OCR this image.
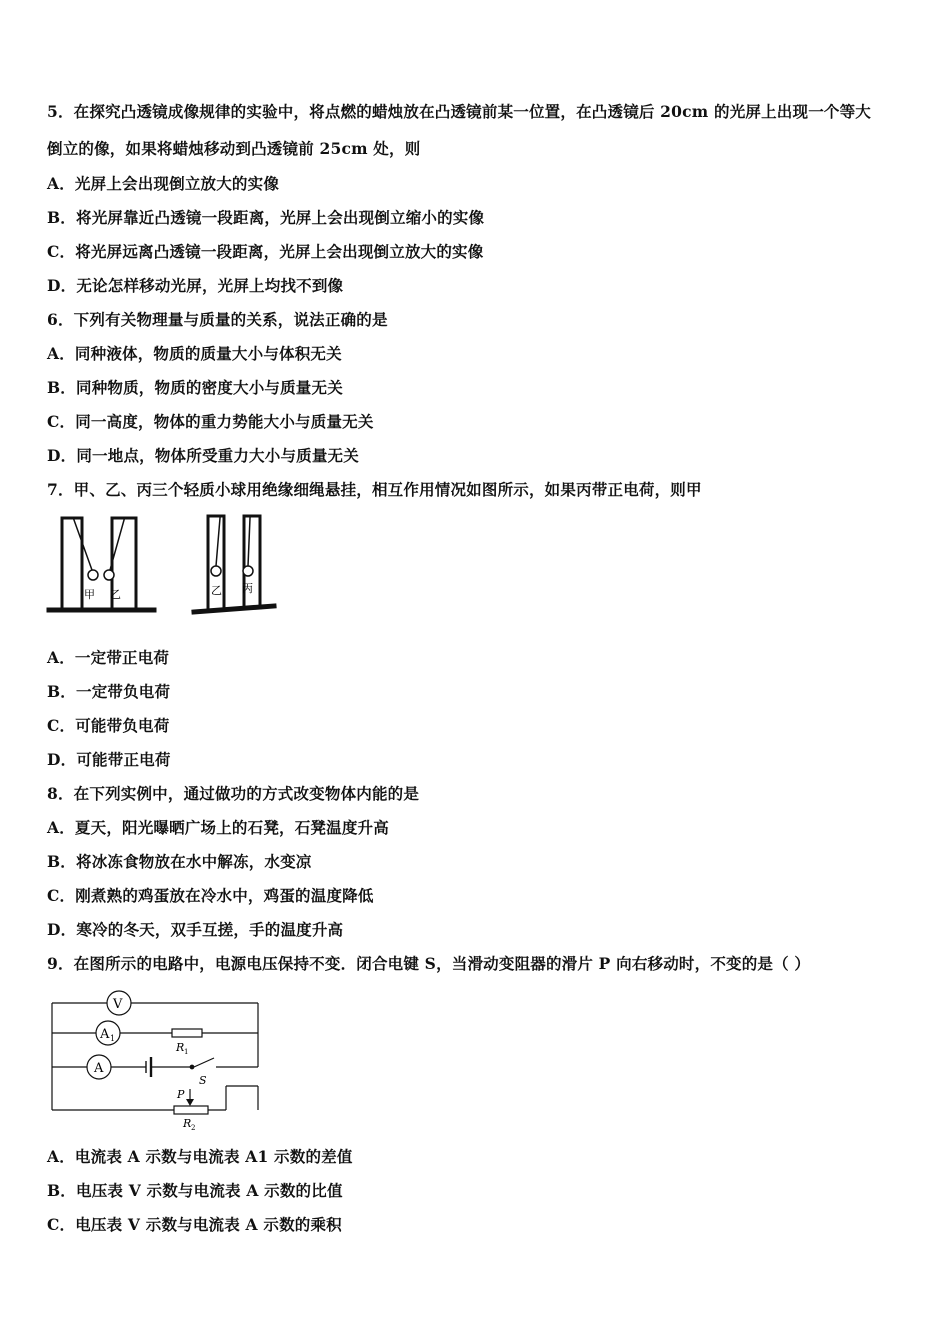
5．在探究凸透镜成像规律的实验中，将点燃的蜡烛放在凸透镜前某一位置，在凸透镜后 20cm 的光屏上出现一个等大
倒立的像，如果将蜡烛移动到凸透镜前 25cm 处，则
A．光屏上会出现倒立放大的实像
B．将光屏靠近凸透镜一段距离，光屏上会出现倒立缩小的实像
C．将光屏远离凸透镜一段距离，光屏上会出现倒立放大的实像
D．无论怎样移动光屏，光屏上均找不到像
6．下列有关物理量与质量的关系，说法正确的是
A．同种液体，物质的质量大小与体积无关
B．同种物质，物质的密度大小与质量无关
C．同一高度，物体的重力势能大小与质量无关
D．同一地点，物体所受重力大小与质量无关
7．甲、乙、丙三个轻质小球用绝缘细绳悬挂，相互作用情况如图所示，如果丙带正电荷，则甲
甲 乙	乙 丙
A．一定带正电荷
B．一定带负电荷
C．可能带负电荷
D．可能带正电荷
8．在下列实例中，通过做功的方式改变物体内能的是
A．夏天，阳光曝晒广场上的石凳，石凳温度升高
B．将冰冻食物放在水中解冻，水变凉
C．刚煮熟的鸡蛋放在冷水中，鸡蛋的温度降低
D．寒冷的冬天，双手互搓，手的温度升高
9．在图所示的电路中，电源电压保持不变．闭合电键 S，当滑动变阻器的滑片 P 向右移动时，不变的是（ ）
V
A 1
A
R 1
S
P
R 2
A．电流表 A 示数与电流表 A1 示数的差值
B．电压表 V 示数与电流表 A 示数的比值
C．电压表 V 示数与电流表 A 示数的乘积
